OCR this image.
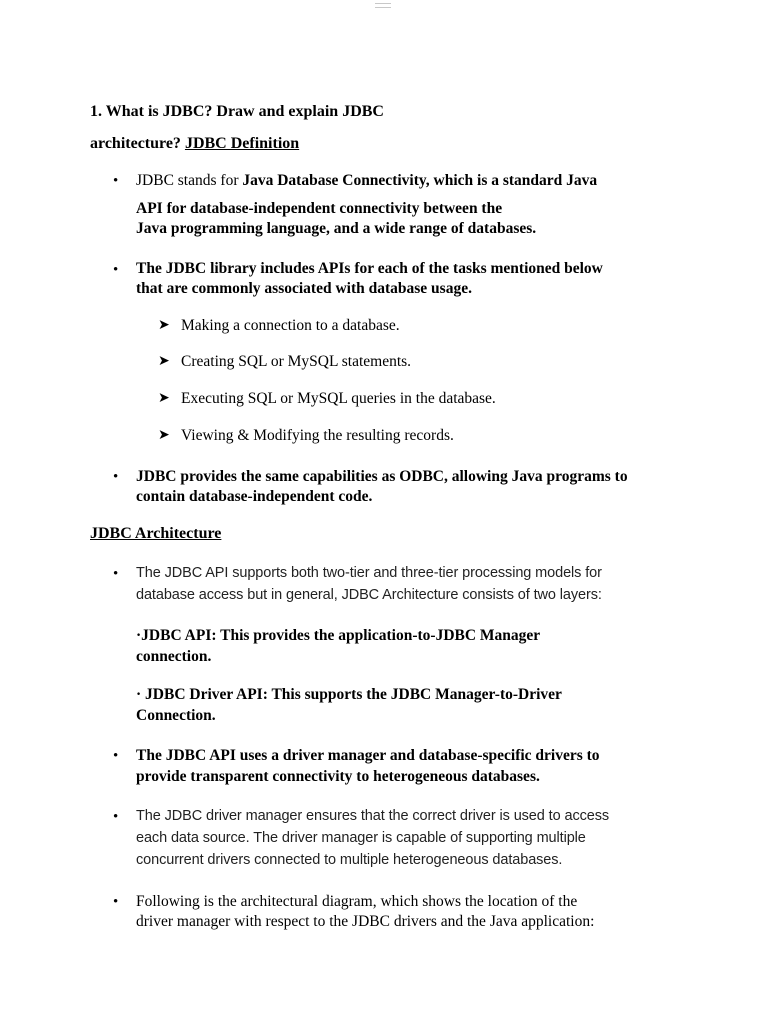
1. What is JDBC? Draw and explain JDBC
architecture? JDBC Definition
• JDBC stands for Java Database Connectivity, which is a standard Java
API for database-independent connectivity between the
Java programming language, and a wide range of databases.
• The JDBC library includes APIs for each of the tasks mentioned below
that are commonly associated with database usage.
➤ Making a connection to a database.
➤ Creating SQL or MySQL statements.
➤ Executing SQL or MySQL queries in the database.
➤ Viewing & Modifying the resulting records.
• JDBC provides the same capabilities as ODBC, allowing Java programs to
contain database-independent code.
JDBC Architecture
• The JDBC API supports both two-tier and three-tier processing models for
database access but in general, JDBC Architecture consists of two layers:
·JDBC API: This provides the application-to-JDBC Manager
connection.
· JDBC Driver API: This supports the JDBC Manager-to-Driver
Connection.
• The JDBC API uses a driver manager and database-specific drivers to
provide transparent connectivity to heterogeneous databases.
• The JDBC driver manager ensures that the correct driver is used to access
each data source. The driver manager is capable of supporting multiple
concurrent drivers connected to multiple heterogeneous databases.
• Following is the architectural diagram, which shows the location of the
driver manager with respect to the JDBC drivers and the Java application:
